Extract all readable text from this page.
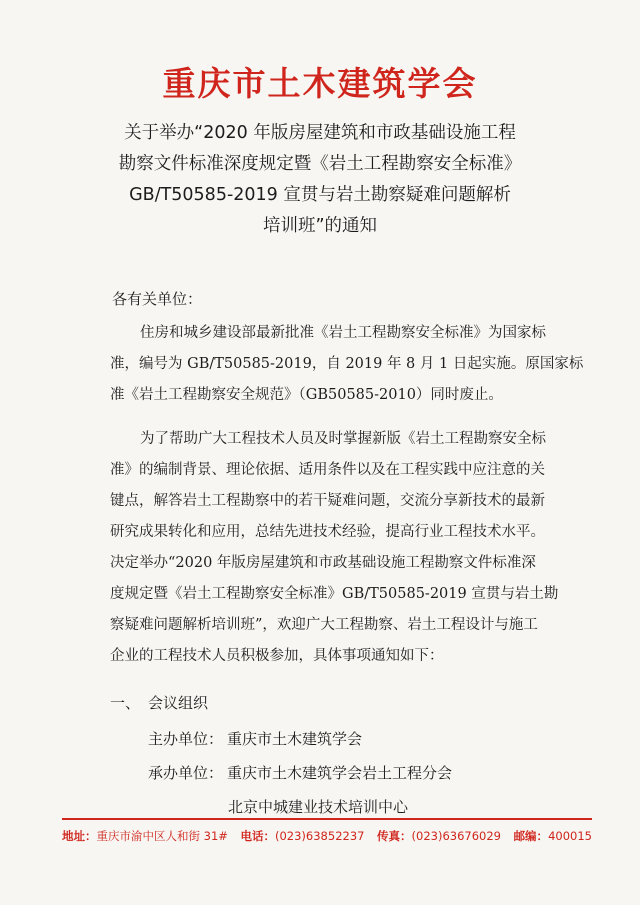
重庆市土木建筑学会
关于举办“2020 年版房屋建筑和市政基础设施工程
勘察文件标准深度规定暨《岩土工程勘察安全标准》
GB/T50585-2019 宣贯与岩土勘察疑难问题解析
培训班”的通知
各有关单位：
住房和城乡建设部最新批准《岩土工程勘察安全标准》为国家标
准，编号为 GB/T50585-2019，自 2019 年 8 月 1 日起实施。原国家标
准《岩土工程勘察安全规范》（GB50585-2010）同时废止。
为了帮助广大工程技术人员及时掌握新版《岩土工程勘察安全标
准》的编制背景、理论依据、适用条件以及在工程实践中应注意的关
键点，解答岩土工程勘察中的若干疑难问题，交流分享新技术的最新
研究成果转化和应用，总结先进技术经验，提高行业工程技术水平。
决定举办“2020 年版房屋建筑和市政基础设施工程勘察文件标准深
度规定暨《岩土工程勘察安全标准》GB/T50585-2019 宣贯与岩土勘
察疑难问题解析培训班”，欢迎广大工程勘察、岩土工程设计与施工
企业的工程技术人员积极参加，具体事项通知如下：
一、 会议组织
主办单位： 重庆市土木建筑学会
承办单位： 重庆市土木建筑学会岩土工程分会
北京中城建业技术培训中心
地址：重庆市渝中区人和街 31# 电话：(023)63852237 传真：(023)63676029 邮编：400015
